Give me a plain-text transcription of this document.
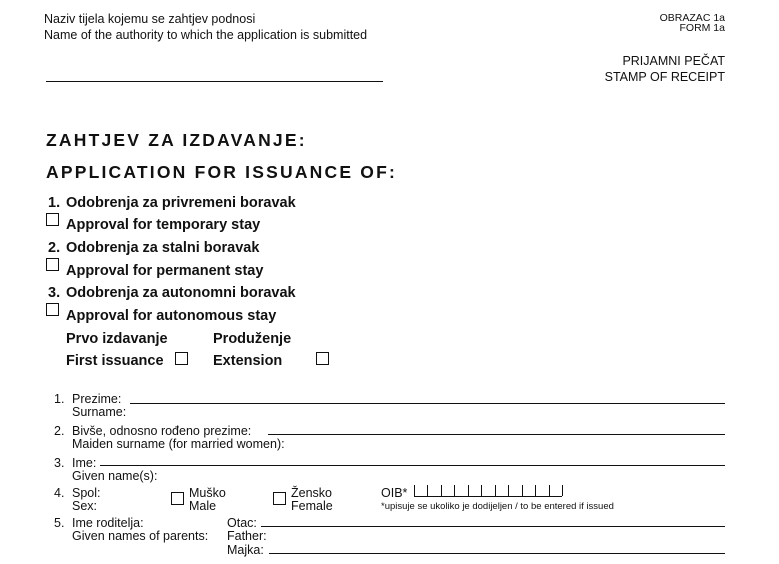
Naziv tijela kojemu se zahtjev podnosi
Name of the authority to which the application is submitted
OBRAZAC 1a
FORM 1a
PRIJAMNI PEČAT
STAMP OF RECEIPT
ZAHTJEV ZA IZDAVANJE:
APPLICATION FOR ISSUANCE OF:
1. Odobrenja za privremeni boravak
Approval for temporary stay
2. Odobrenja za stalni boravak
Approval for permanent stay
3. Odobrenja za autonomni boravak
Approval for autonomous stay
Prvo izdavanje
First issuance
Produženje
Extension
1. Prezime:
Surname:
2. Bivše, odnosno rođeno prezime:
Maiden surname (for married women):
3. Ime:
Given name(s):
4. Spol:
Sex:
Muško
Male
Žensko
Female
OIB*
*upisuje se ukoliko je dodijeljen / to be entered if issued
5. Ime roditelja:
Given names of parents:
Otac:
Father:
Majka:
